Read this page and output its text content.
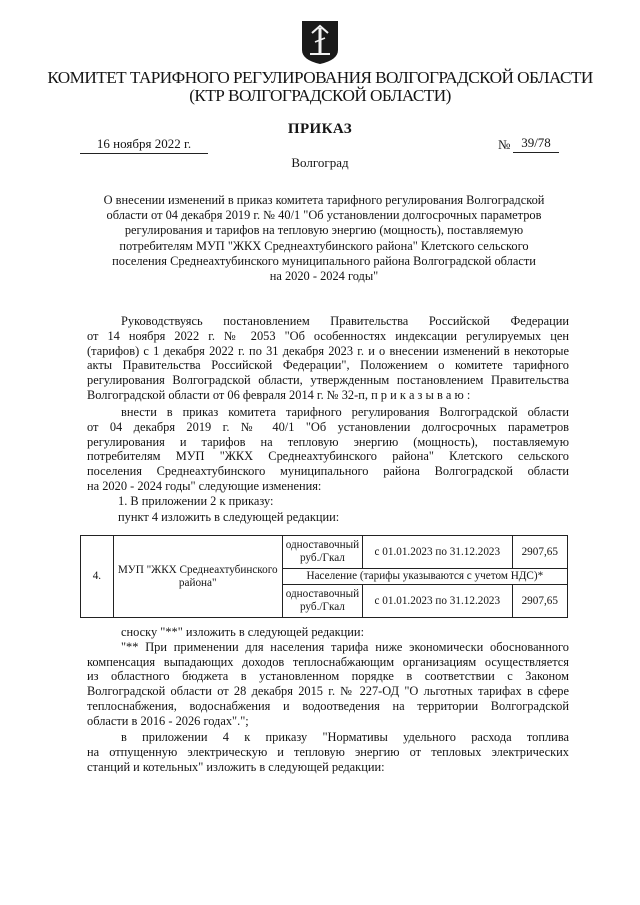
КОМИТЕТ ТАРИФНОГО РЕГУЛИРОВАНИЯ ВОЛГОГРАДСКОЙ ОБЛАСТИ
(КТР ВОЛГОГРАДСКОЙ ОБЛАСТИ)
ПРИКАЗ
16 ноября 2022 г.	№ 39/78
Волгоград
О внесении изменений в приказ комитета тарифного регулирования Волгоградской
области от 04 декабря 2019 г. № 40/1 "Об установлении долгосрочных параметров
регулирования и тарифов на тепловую энергию (мощность), поставляемую
потребителям МУП "ЖКХ Среднеахтубинского района" Клетского сельского
поселения Среднеахтубинского муниципального района Волгоградской области
на 2020 - 2024 годы"
Руководствуясь постановлением Правительства Российской Федерации
от 14 ноября 2022 г. № 2053 "Об особенностях индексации регулируемых цен
(тарифов) с 1 декабря 2022 г. по 31 декабря 2023 г. и о внесении изменений в некоторые
акты Правительства Российской Федерации", Положением о комитете тарифного
регулирования Волгоградской области, утвержденным постановлением Правительства
Волгоградской области от 06 февраля 2014 г. № 32-п, п р и к а з ы в а ю :
внести в приказ комитета тарифного регулирования Волгоградской области
от 04 декабря 2019 г. № 40/1 "Об установлении долгосрочных параметров
регулирования и тарифов на тепловую энергию (мощность), поставляемую
потребителям МУП "ЖКХ Среднеахтубинского района" Клетского сельского
поселения Среднеахтубинского муниципального района Волгоградской области
на 2020 - 2024 годы" следующие изменения:
1. В приложении 2 к приказу:
пункт 4 изложить в следующей редакции:
4.	МУП "ЖКХ Среднеахтубинского района"	одноставочный руб./Гкал	с 01.01.2023 по 31.12.2023	2907,65
		Население (тарифы указываются с учетом НДС)*		
		одноставочный руб./Гкал	с 01.01.2023 по 31.12.2023	2907,65
сноску "**" изложить в следующей редакции:
"** При применении для населения тарифа ниже экономически обоснованного
компенсация выпадающих доходов теплоснабжающим организациям осуществляется
из областного бюджета в установленном порядке в соответствии с Законом
Волгоградской области от 28 декабря 2015 г. № 227-ОД "О льготных тарифах в сфере
теплоснабжения, водоснабжения и водоотведения на территории Волгоградской
области в 2016 - 2026 годах".";
в приложении 4 к приказу "Нормативы удельного расхода топлива
на отпущенную электрическую и тепловую энергию от тепловых электрических
станций и котельных" изложить в следующей редакции:
